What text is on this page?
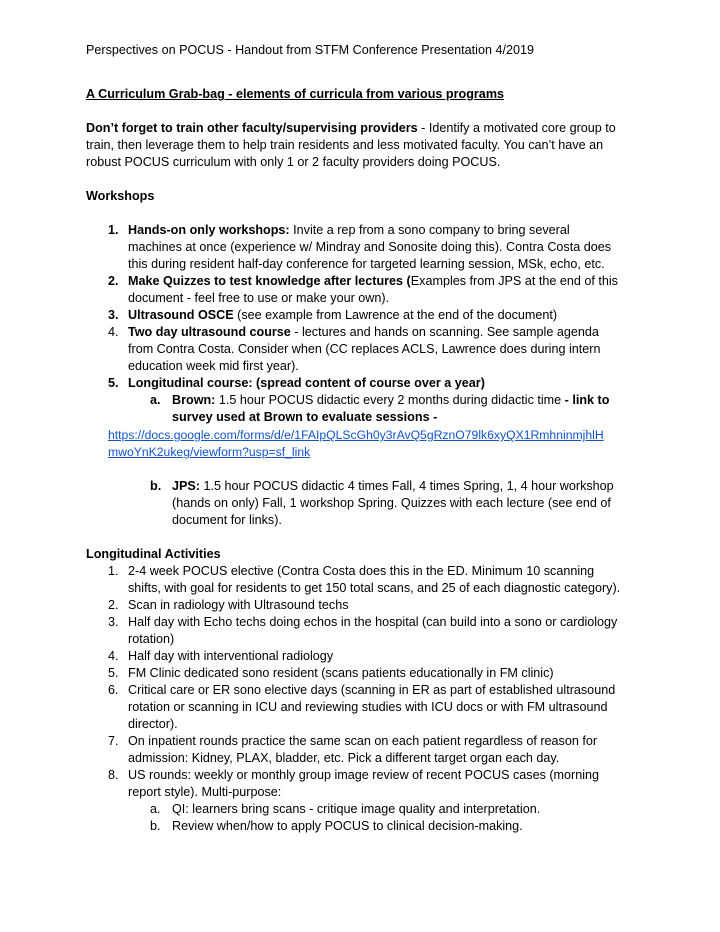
Perspectives on POCUS - Handout from STFM Conference Presentation 4/2019
A Curriculum Grab-bag - elements of curricula from various programs
Don’t forget to train other faculty/supervising providers - Identify a motivated core group to
train, then leverage them to help train residents and less motivated faculty. You can’t have an
robust POCUS curriculum with only 1 or 2 faculty providers doing POCUS.
Workshops
1. Hands-on only workshops: Invite a rep from a sono company to bring several
machines at once (experience w/ Mindray and Sonosite doing this). Contra Costa does
this during resident half-day conference for targeted learning session, MSk, echo, etc.
2. Make Quizzes to test knowledge after lectures (Examples from JPS at the end of this
document - feel free to use or make your own).
3. Ultrasound OSCE (see example from Lawrence at the end of the document)
4. Two day ultrasound course - lectures and hands on scanning. See sample agenda
from Contra Costa. Consider when (CC replaces ACLS, Lawrence does during intern
education week mid first year).
5. Longitudinal course: (spread content of course over a year)
a. Brown: 1.5 hour POCUS didactic every 2 months during didactic time - link to
survey used at Brown to evaluate sessions -
https://docs.google.com/forms/d/e/1FAIpQLScGh0y3rAvQ5gRznO79lk6xyQX1RmhninmjhlH
mwoYnK2ukeg/viewform?usp=sf_link
b. JPS: 1.5 hour POCUS didactic 4 times Fall, 4 times Spring, 1, 4 hour workshop
(hands on only) Fall, 1 workshop Spring. Quizzes with each lecture (see end of
document for links).
Longitudinal Activities
1. 2-4 week POCUS elective (Contra Costa does this in the ED. Minimum 10 scanning
shifts, with goal for residents to get 150 total scans, and 25 of each diagnostic category).
2. Scan in radiology with Ultrasound techs
3. Half day with Echo techs doing echos in the hospital (can build into a sono or cardiology
rotation)
4. Half day with interventional radiology
5. FM Clinic dedicated sono resident (scans patients educationally in FM clinic)
6. Critical care or ER sono elective days (scanning in ER as part of established ultrasound
rotation or scanning in ICU and reviewing studies with ICU docs or with FM ultrasound
director).
7. On inpatient rounds practice the same scan on each patient regardless of reason for
admission: Kidney, PLAX, bladder, etc. Pick a different target organ each day.
8. US rounds: weekly or monthly group image review of recent POCUS cases (morning
report style). Multi-purpose:
a. QI: learners bring scans - critique image quality and interpretation.
b. Review when/how to apply POCUS to clinical decision-making.
